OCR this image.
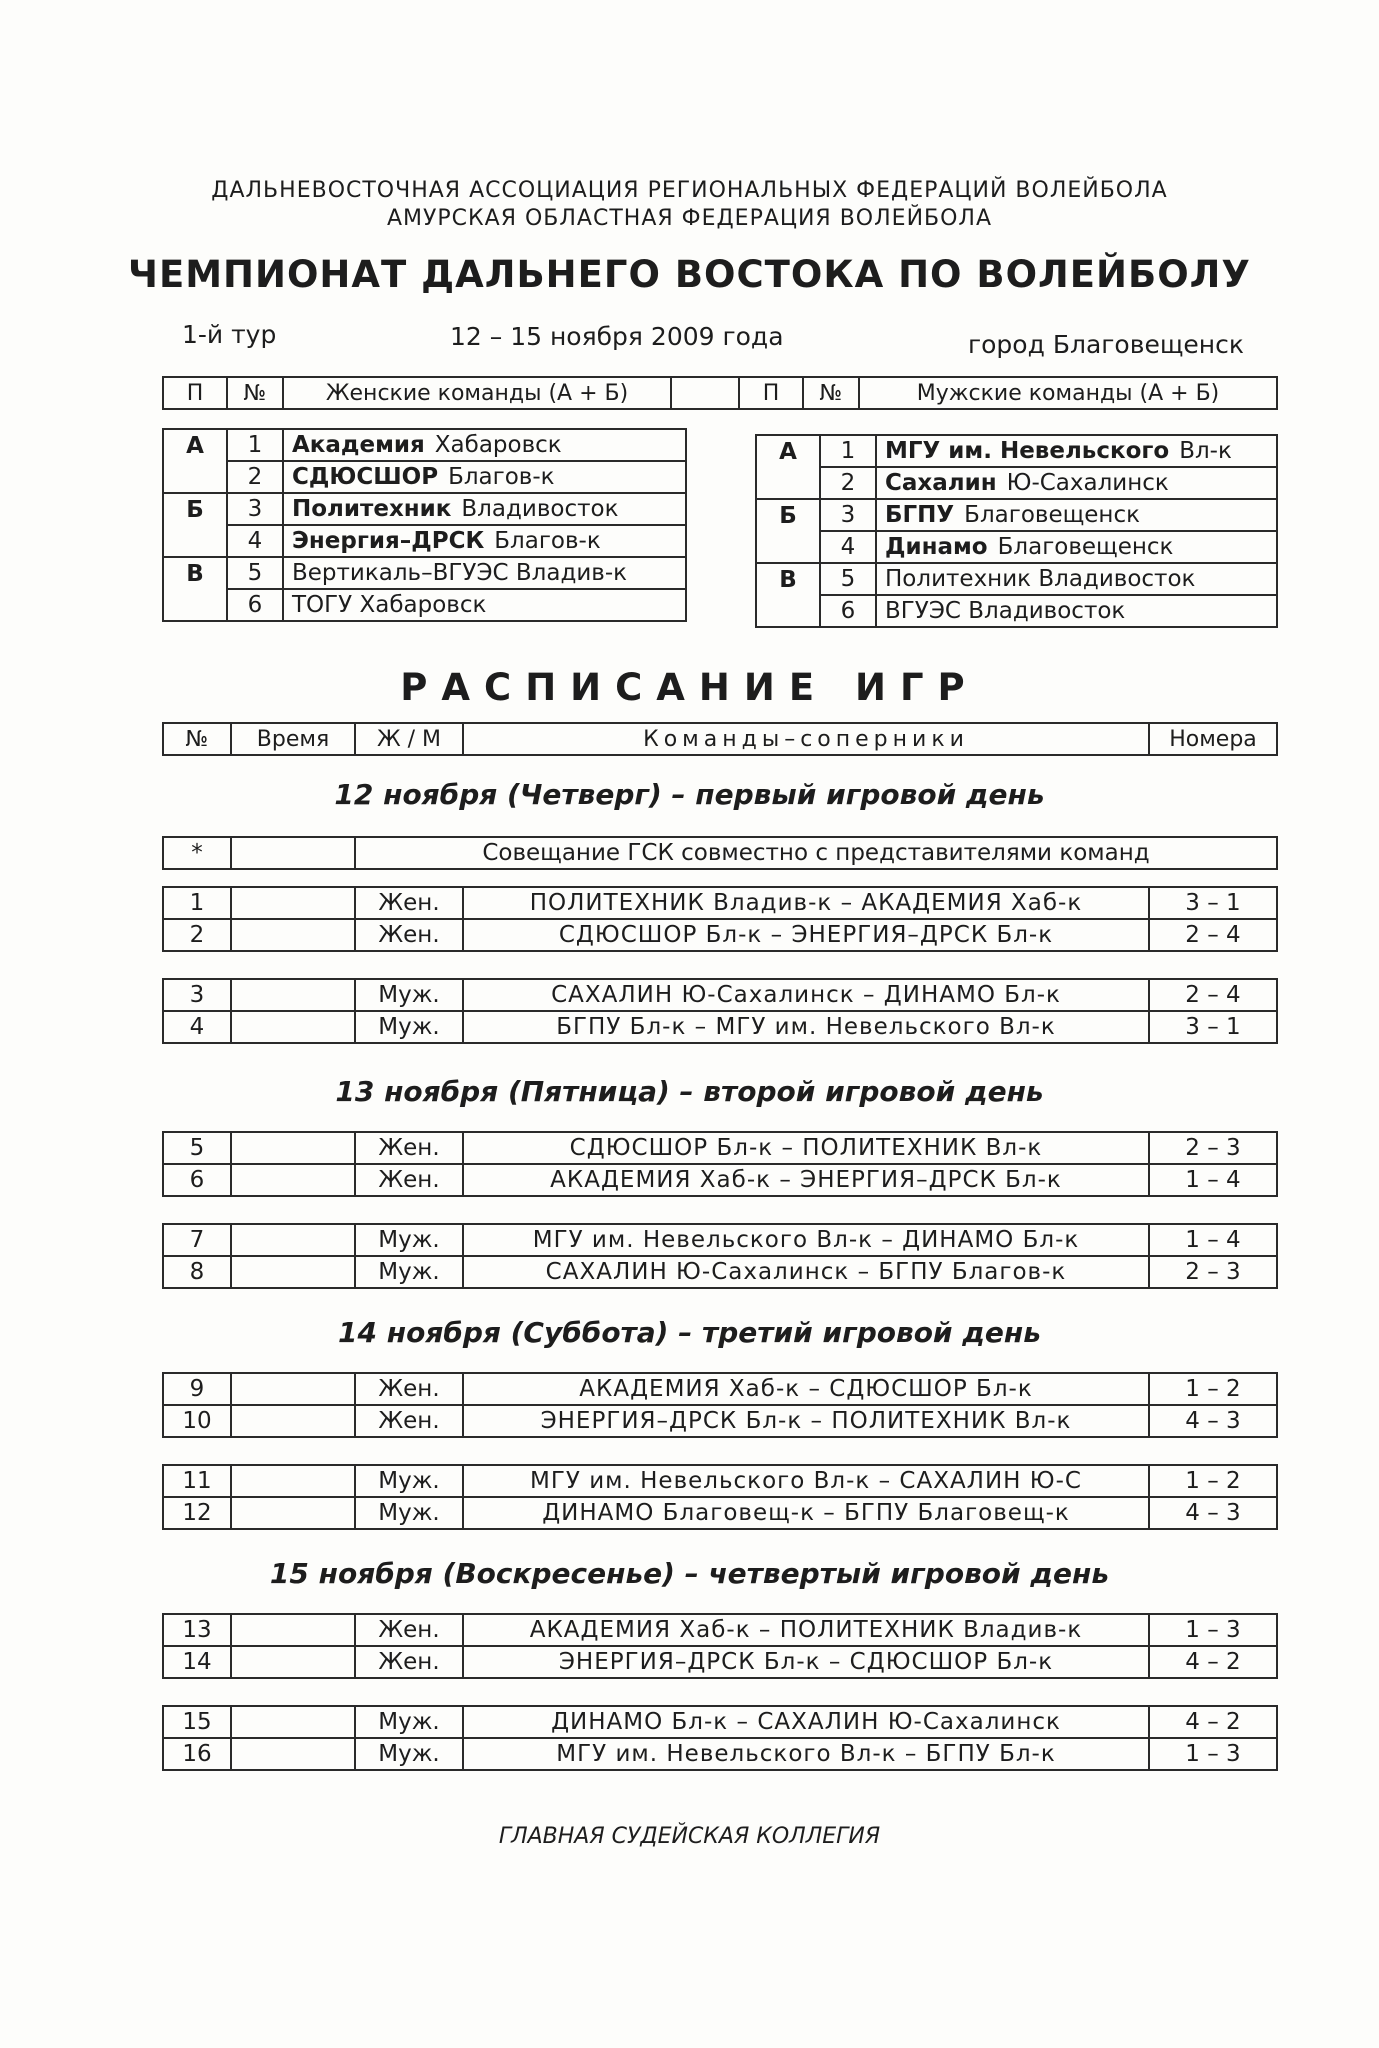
ДАЛЬНЕВОСТОЧНАЯ АССОЦИАЦИЯ РЕГИОНАЛЬНЫХ ФЕДЕРАЦИЙ ВОЛЕЙБОЛА
АМУРСКАЯ ОБЛАСТНАЯ ФЕДЕРАЦИЯ ВОЛЕЙБОЛА
ЧЕМПИОНАТ ДАЛЬНЕГО ВОСТОКА ПО ВОЛЕЙБОЛУ
1-й тур	12 – 15 ноября 2009 года	город Благовещенск
П	№	Женские команды (А + Б)		П	№	Мужские команды (А + Б)
А	1	Академия Хабаровск
	2	СДЮСШОР Благов-к
Б	3	Политехник Владивосток
	4	Энергия–ДРСК Благов-к
В	5	Вертикаль–ВГУЭС Владив-к
	6	ТОГУ Хабаровск
А	1	МГУ им. Невельского Вл-к
	2	Сахалин Ю-Сахалинск
Б	3	БГПУ Благовещенск
	4	Динамо Благовещенск
В	5	Политехник Владивосток
	6	ВГУЭС Владивосток
РАСПИСАНИЕ ИГР
№	Время	Ж / М	Команды–соперники	Номера
*		Совещание ГСК совместно с представителями команд
12 ноября (Четверг) – первый игровой день
1		Жен.	ПОЛИТЕХНИК Владив-к – АКАДЕМИЯ Хаб-к	3 – 1
2		Жен.	СДЮСШОР Бл-к – ЭНЕРГИЯ–ДРСК Бл-к	2 – 4
3		Муж.	САХАЛИН Ю-Сахалинск – ДИНАМО Бл-к	2 – 4
4		Муж.	БГПУ Бл-к – МГУ им. Невельского Вл-к	3 – 1
13 ноября (Пятница) – второй игровой день
5		Жен.	СДЮСШОР Бл-к – ПОЛИТЕХНИК Вл-к	2 – 3
6		Жен.	АКАДЕМИЯ Хаб-к – ЭНЕРГИЯ–ДРСК Бл-к	1 – 4
7		Муж.	МГУ им. Невельского Вл-к – ДИНАМО Бл-к	1 – 4
8		Муж.	САХАЛИН Ю-Сахалинск – БГПУ Благов-к	2 – 3
14 ноября (Суббота) – третий игровой день
9		Жен.	АКАДЕМИЯ Хаб-к – СДЮСШОР Бл-к	1 – 2
10		Жен.	ЭНЕРГИЯ–ДРСК Бл-к – ПОЛИТЕХНИК Вл-к	4 – 3
11		Муж.	МГУ им. Невельского Вл-к – САХАЛИН Ю-С	1 – 2
12		Муж.	ДИНАМО Благовещ-к – БГПУ Благовещ-к	4 – 3
15 ноября (Воскресенье) – четвертый игровой день
13		Жен.	АКАДЕМИЯ Хаб-к – ПОЛИТЕХНИК Владив-к	1 – 3
14		Жен.	ЭНЕРГИЯ–ДРСК Бл-к – СДЮСШОР Бл-к	4 – 2
15		Муж.	ДИНАМО Бл-к – САХАЛИН Ю-Сахалинск	4 – 2
16		Муж.	МГУ им. Невельского Вл-к – БГПУ Бл-к	1 – 3
ГЛАВНАЯ СУДЕЙСКАЯ КОЛЛЕГИЯ
